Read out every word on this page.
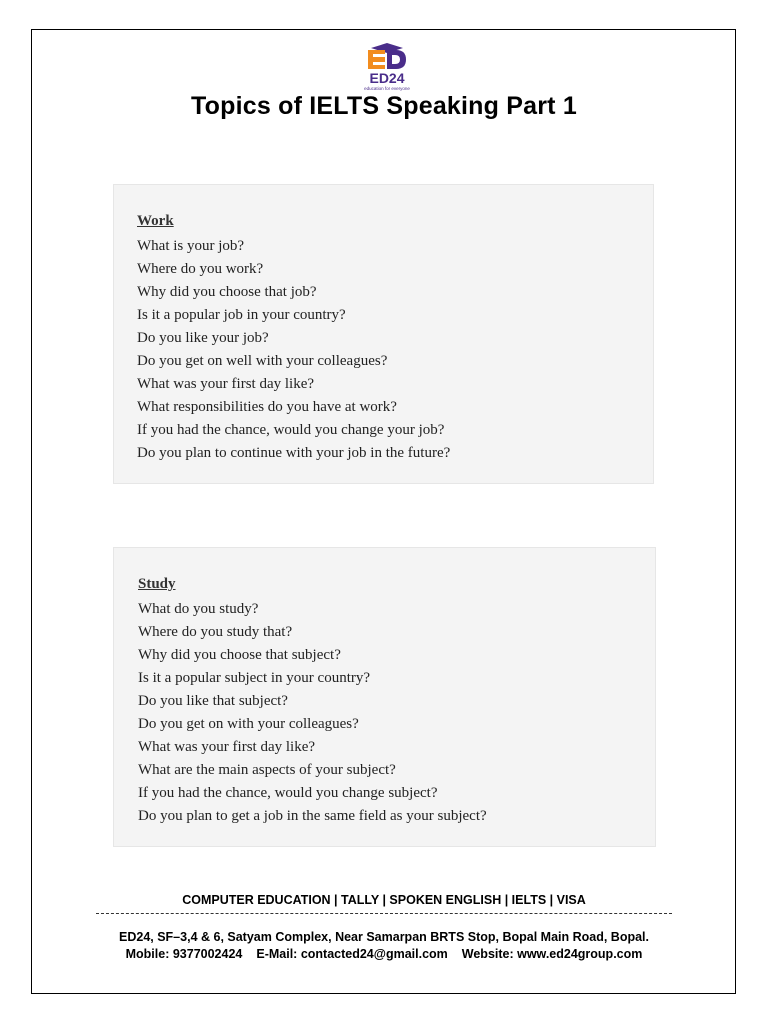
ED24
education for everyone
Topics of IELTS Speaking Part 1
Work
What is your job?
Where do you work?
Why did you choose that job?
Is it a popular job in your country?
Do you like your job?
Do you get on well with your colleagues?
What was your first day like?
What responsibilities do you have at work?
If you had the chance, would you change your job?
Do you plan to continue with your job in the future?
Study
What do you study?
Where do you study that?
Why did you choose that subject?
Is it a popular subject in your country?
Do you like that subject?
Do you get on with your colleagues?
What was your first day like?
What are the main aspects of your subject?
If you had the chance, would you change subject?
Do you plan to get a job in the same field as your subject?
COMPUTER EDUCATION | TALLY | SPOKEN ENGLISH | IELTS | VISA
ED24, SF–3,4 & 6, Satyam Complex, Near Samarpan BRTS Stop, Bopal Main Road, Bopal.
Mobile: 9377002424 E-Mail: contacted24@gmail.com Website: www.ed24group.com
